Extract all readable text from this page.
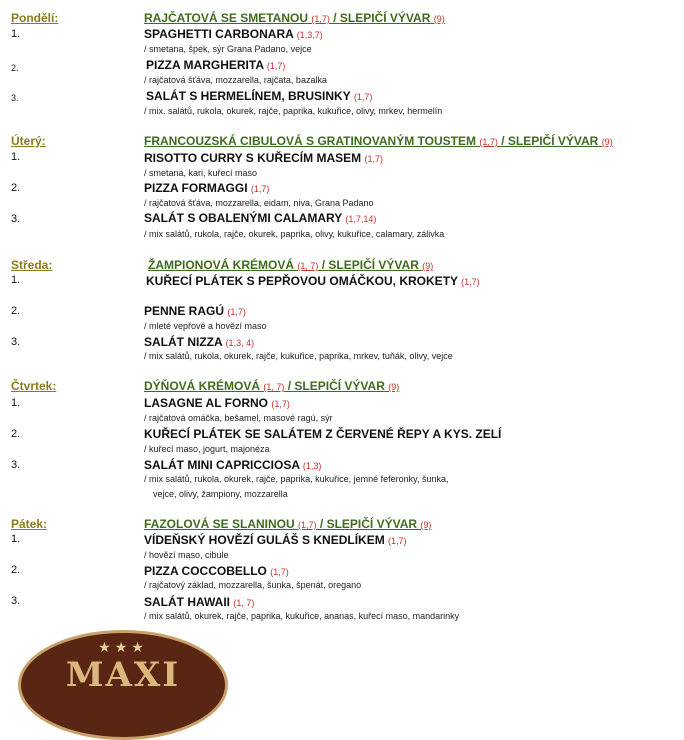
Pondělí:	RAJČATOVÁ SE SMETANOU (1,7) / SLEPIČÍ VÝVAR (9)
1.	SPAGHETTI CARBONARA (1,3,7)
/ smetana, špek, sýr Grana Padano, vejce
2.	PIZZA MARGHERITA (1,7)
/ rajčatová šťáva, mozzarella, rajčata, bazalka
3.	SALÁT S HERMELÍNEM, BRUSINKY (1,7)
/ mix. salátů, rukola, okurek, rajče, paprika, kukuřice, olivy, mrkev, hermelín
Úterý:	FRANCOUZSKÁ CIBULOVÁ S GRATINOVANÝM TOUSTEM (1,7) / SLEPIČÍ VÝVAR (9)
1.	RISOTTO CURRY S KUŘECÍM MASEM (1,7)
/ smetana, kari, kuřecí maso
2.	PIZZA FORMAGGI (1,7)
/ rajčatová šťáva, mozzarella, eidam, niva, Grana Padano
3.	SALÁT S OBALENÝMI CALAMARY (1,7,14)
/ mix salátů, rukola, rajče, okurek, paprika, olivy, kukuřice, calamary, zálivka
Středa:	ŽAMPIONOVÁ KRÉMOVÁ (1, 7) / SLEPIČÍ VÝVAR (9)
1.	KUŘECÍ PLÁTEK S PEPŘOVOU OMÁČKOU, KROKETY (1,7)
2.	PENNE RAGÚ (1,7)
/ mleté vepřové a hovězí maso
3.	SALÁT NIZZA (1,3, 4)
/ mix salátů, rukola, okurek, rajče, kukuřice, paprika, mrkev, tuňák, olivy, vejce
Čtvrtek:	DÝŇOVÁ KRÉMOVÁ (1, 7) / SLEPIČÍ VÝVAR (9)
1.	LASAGNE AL FORNO (1,7)
/ rajčatová omáčka, bešamel, masové ragú, sýr
2.	KUŘECÍ PLÁTEK SE SALÁTEM Z ČERVENÉ ŘEPY A KYS. ZELÍ
/ kuřecí maso, jogurt, majonéza
3.	SALÁT MINI CAPRICCIOSA (1,3)
/ mix salátů, rukola, okurek, rajče, paprika, kukuřice, jemné feferonky, šunka,
vejce, olivy, žampiony, mozzarella
Pátek:	FAZOLOVÁ SE SLANINOU (1,7) / SLEPIČÍ VÝVAR (9)
1.	VÍDEŇSKÝ HOVĚZÍ GULÁŠ S KNEDLÍKEM (1,7)
/ hovězí maso, cibule
2.	PIZZA COCCOBELLO (1,7)
/ rajčatový základ, mozzarella, šunka, špenát, oregano
3.	SALÁT HAWAII (1, 7)
/ mix salátů, okurek, rajče, paprika, kukuřice, ananas, kuřecí maso, mandarinky
★★★
MAXI
